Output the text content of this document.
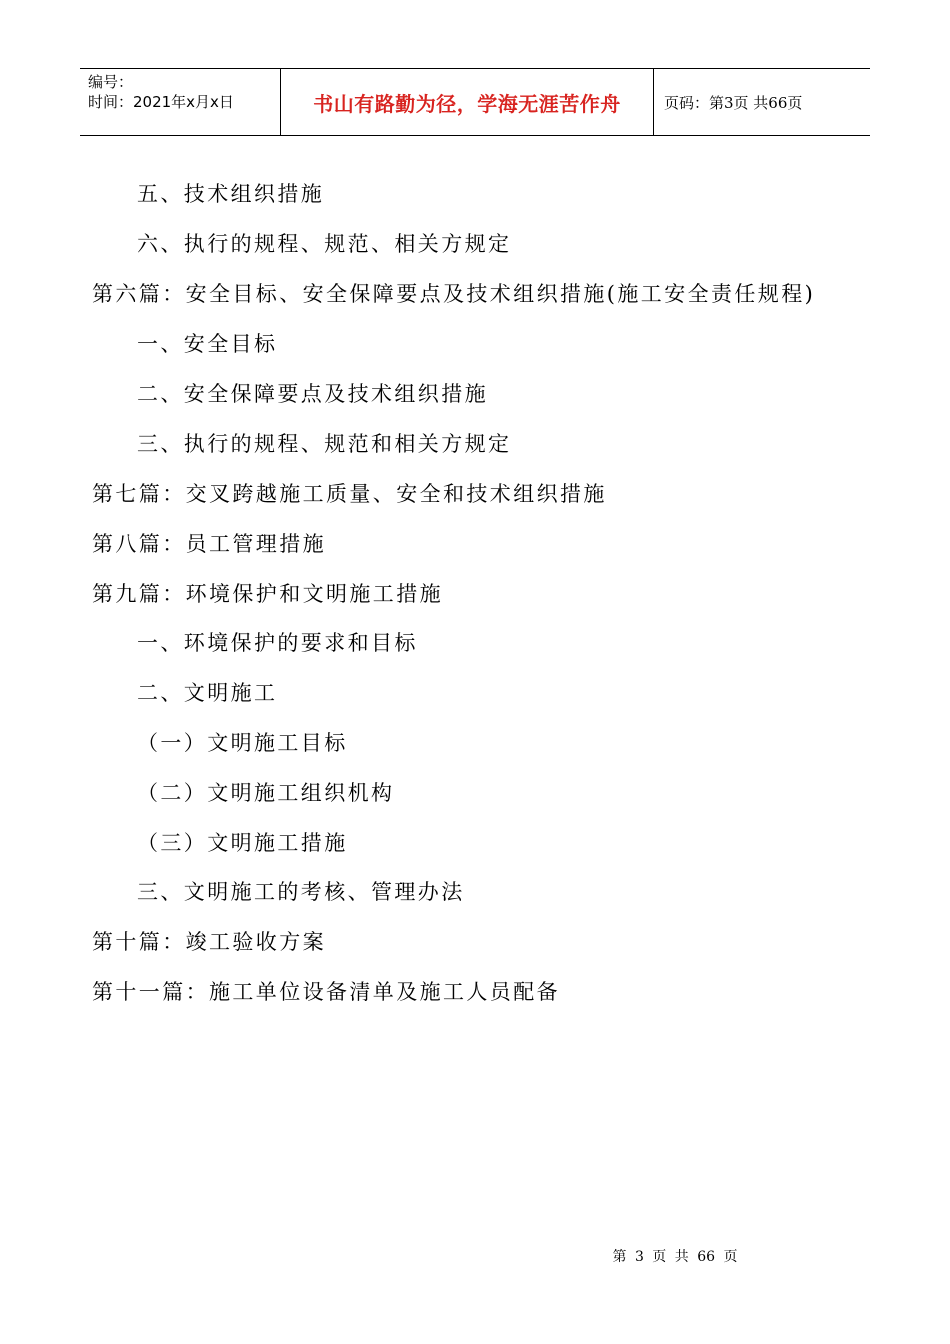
编号：
时间：2021年x月x日	书山有路勤为径，学海无涯苦作舟	页码：第3页 共66页
五、技术组织措施
六、执行的规程、规范、相关方规定
第六篇：安全目标、安全保障要点及技术组织措施(施工安全责任规程)
一、安全目标
二、安全保障要点及技术组织措施
三、执行的规程、规范和相关方规定
第七篇：交叉跨越施工质量、安全和技术组织措施
第八篇：员工管理措施
第九篇：环境保护和文明施工措施
一、环境保护的要求和目标
二、文明施工
（一）文明施工目标
（二）文明施工组织机构
（三）文明施工措施
三、文明施工的考核、管理办法
第十篇：竣工验收方案
第十一篇：施工单位设备清单及施工人员配备
第 3 页 共 66 页
